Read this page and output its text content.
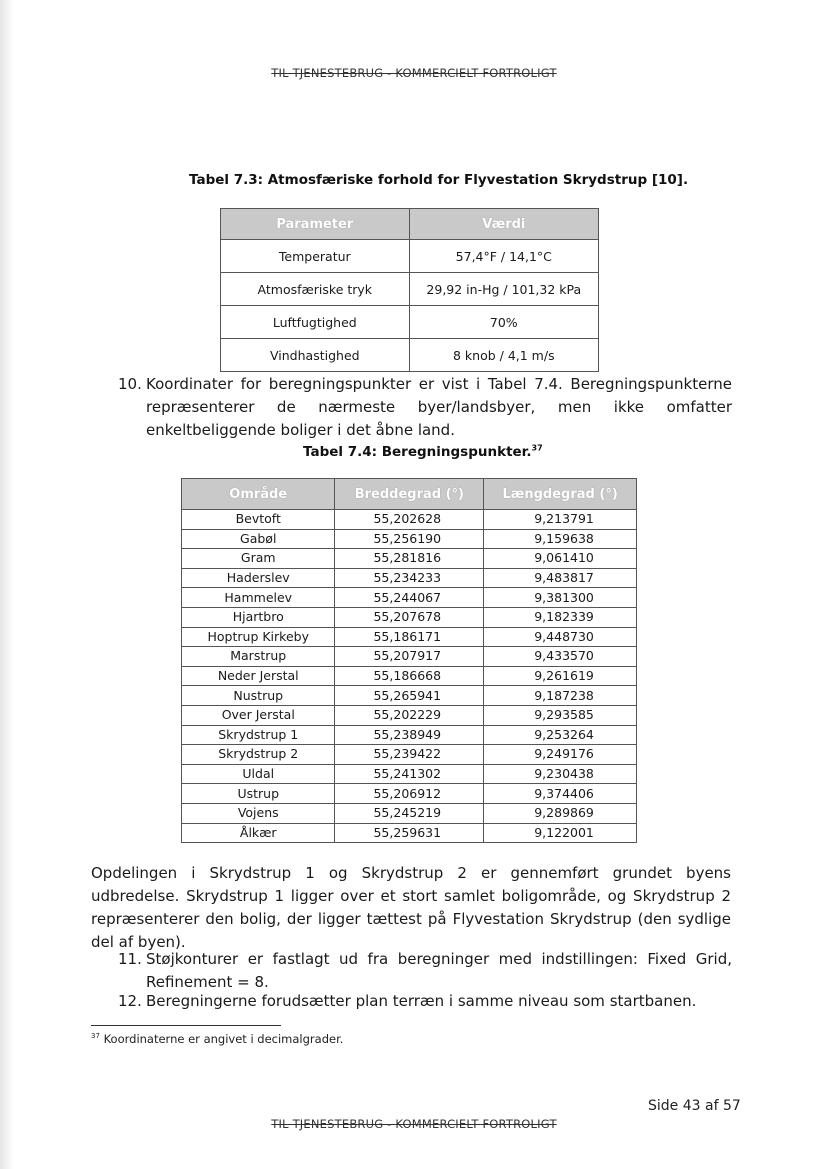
TIL TJENESTEBRUG - KOMMERCIELT FORTROLIGT
Tabel 7.3: Atmosfæriske forhold for Flyvestation Skrydstrup [10].
Parameter	Værdi
Temperatur	57,4°F / 14,1°C
Atmosfæriske tryk	29,92 in-Hg / 101,32 kPa
Luftfugtighed	70%
Vindhastighed	8 knob / 4,1 m/s
10. Koordinater for beregningspunkter er vist i Tabel 7.4. Beregningspunkterne repræsenterer de nærmeste byer/landsbyer, men ikke omfatter enkeltbeliggende boliger i det åbne land.
Tabel 7.4: Beregningspunkter.$^{37}$
Område	Breddegrad (°)	Længdegrad (°)
Bevtoft	55,202628	9,213791
Gabøl	55,256190	9,159638
Gram	55,281816	9,061410
Haderslev	55,234233	9,483817
Hammelev	55,244067	9,381300
Hjartbro	55,207678	9,182339
Hoptrup Kirkeby	55,186171	9,448730
Marstrup	55,207917	9,433570
Neder Jerstal	55,186668	9,261619
Nustrup	55,265941	9,187238
Over Jerstal	55,202229	9,293585
Skrydstrup 1	55,238949	9,253264
Skrydstrup 2	55,239422	9,249176
Uldal	55,241302	9,230438
Ustrup	55,206912	9,374406
Vojens	55,245219	9,289869
Ålkær	55,259631	9,122001
Opdelingen i Skrydstrup 1 og Skrydstrup 2 er gennemført grundet byens udbredelse. Skrydstrup 1 ligger over et stort samlet boligområde, og Skrydstrup 2 repræsenterer den bolig, der ligger tættest på Flyvestation Skrydstrup (den sydlige del af byen).
11. Støjkonturer er fastlagt ud fra beregninger med indstillingen: Fixed Grid, Refinement = 8.
12. Beregningerne forudsætter plan terræn i samme niveau som startbanen.
$^{37}$ Koordinaterne er angivet i decimalgrader.
Side 43 af 57
TIL TJENESTEBRUG - KOMMERCIELT FORTROLIGT
